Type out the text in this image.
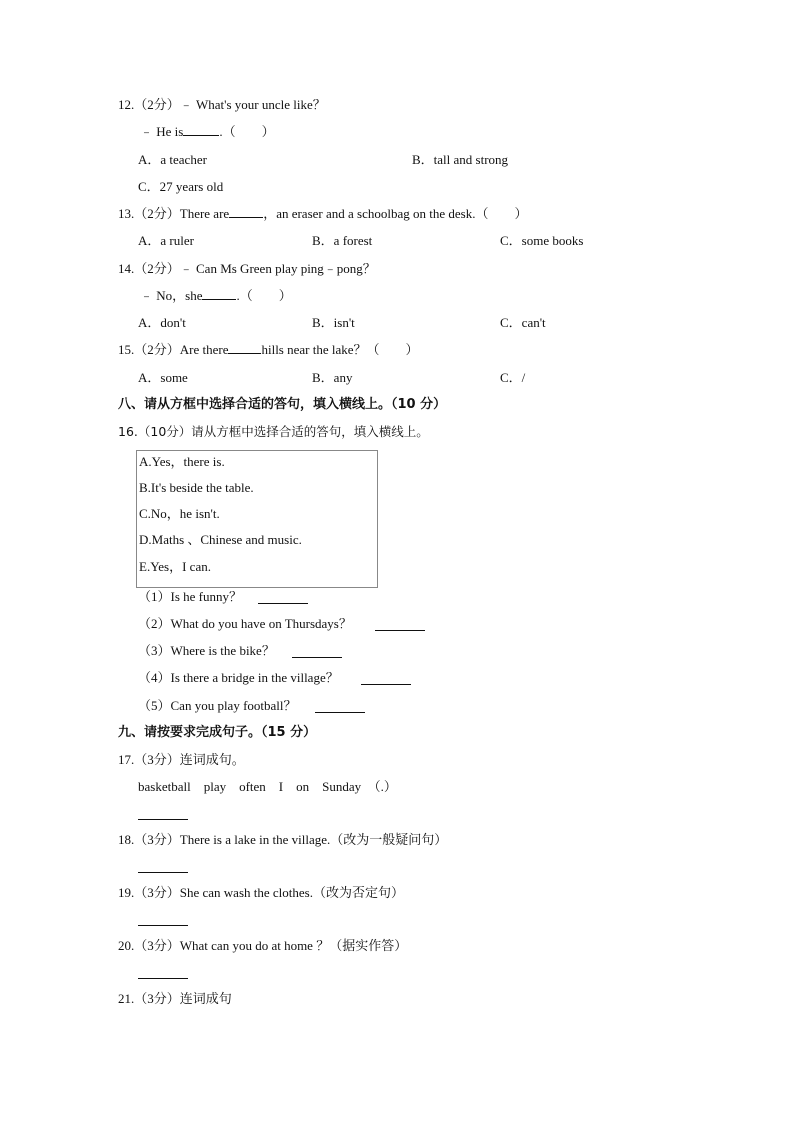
12.（2分）﹣ What's your uncle like？
﹣ He is	.（　　）
A．a teacher	B．tall and strong
C．27 years old
13.（2分）There are	，an eraser and a schoolbag on the desk.（　　）
A．a ruler	B．a forest	C．some books
14.（2分）﹣ Can Ms Green play ping﹣pong？
﹣ No，she	.（　　）
A．don't	B．isn't	C．can't
15.（2分）Are there	hills near the lake？（　　）
A．some	B．any	C．/
八、请从方框中选择合适的答句，填入横线上。（10 分）
16.（10分）请从方框中选择合适的答句，填入横线上。
A.Yes，there is.
B.It's beside the table.
C.No，he isn't.
D.Maths 、Chinese and music.
E.Yes，I can.
（1）Is he funny？
（2）What do you have on Thursdays？
（3）Where is the bike？
（4）Is there a bridge in the village？
（5）Can you play football？
九、请按要求完成句子。（15 分）
17.（3分）连词成句。
basketball　play　often　I　on　Sunday　（.）
18.（3分）There is a lake in the village.（改为一般疑问句）
19.（3分）She can wash the clothes.（改为否定句）
20.（3分）What can you do at home ？（据实作答）
21.（3分）连词成句
